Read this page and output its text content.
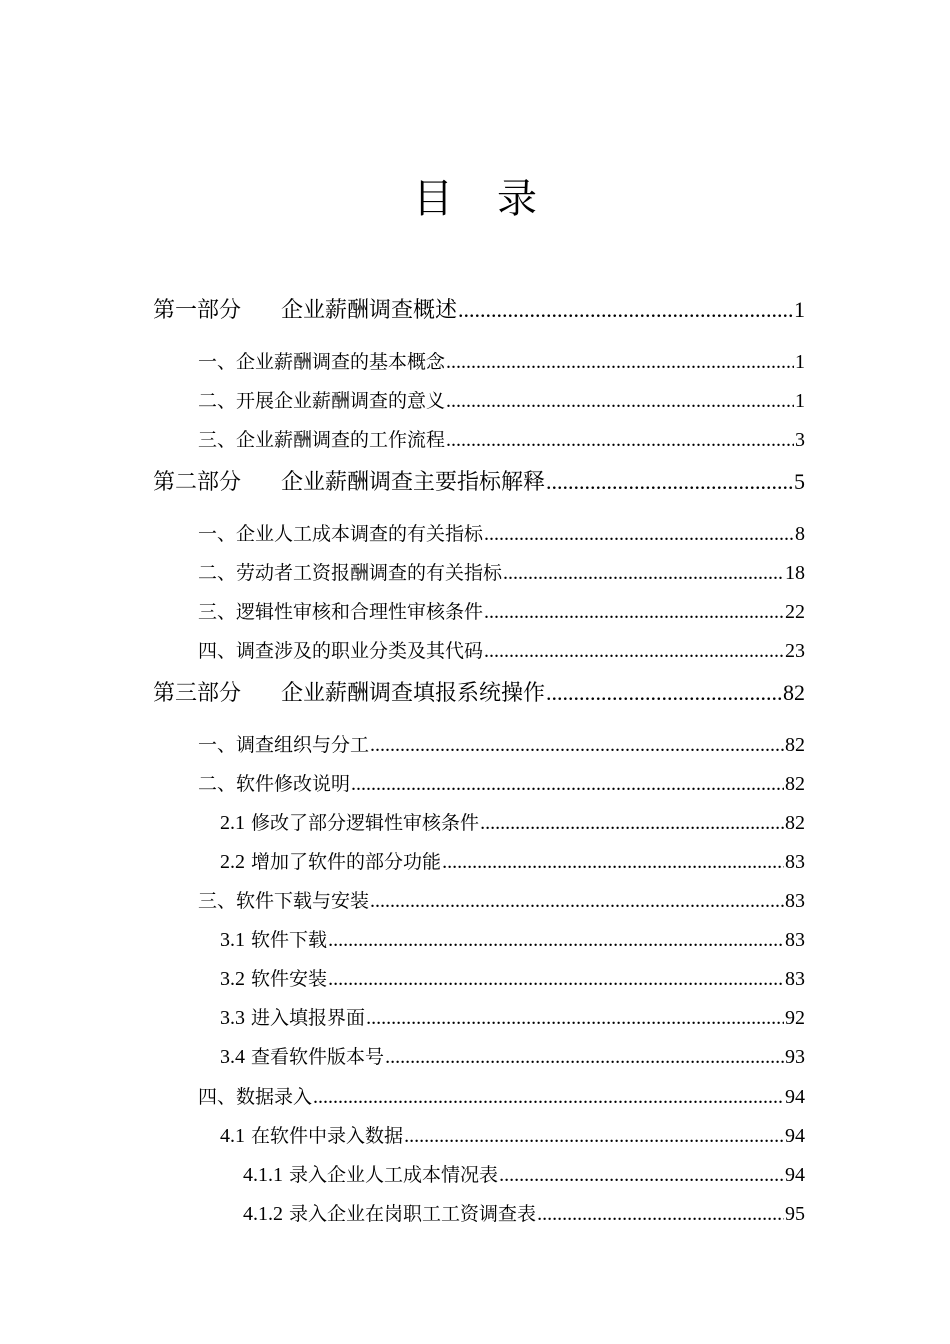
目录
第一部分 企业薪酬调查概述 .....	1
一、企业薪酬调查的基本概念 .....	1
二、开展企业薪酬调查的意义 .....	1
三、企业薪酬调查的工作流程 .....	3
第二部分 企业薪酬调查主要指标解释 .....	5
一、企业人工成本调查的有关指标 .....	8
二、劳动者工资报酬调查的有关指标 .....	18
三、逻辑性审核和合理性审核条件 .....	22
四、调查涉及的职业分类及其代码 .....	23
第三部分 企业薪酬调查填报系统操作 .....	82
一、调查组织与分工 .....	82
二、软件修改说明 .....	82
2.1 修改了部分逻辑性审核条件 .....	82
2.2 增加了软件的部分功能 .....	83
三、软件下载与安装 .....	83
3.1 软件下载 .....	83
3.2 软件安装 .....	83
3.3 进入填报界面 .....	92
3.4 查看软件版本号 .....	93
四、数据录入 .....	94
4.1 在软件中录入数据 .....	94
4.1.1 录入企业人工成本情况表 .....	94
4.1.2 录入企业在岗职工工资调查表 .....	95
